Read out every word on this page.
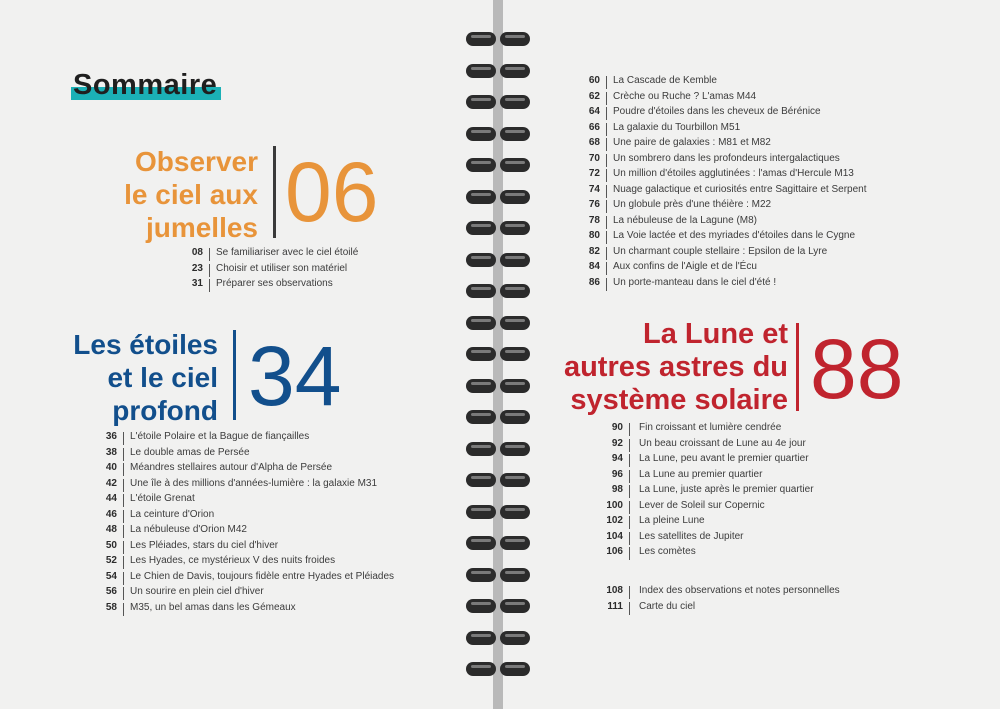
Sommaire
Observer
le ciel aux
jumelles 06
08 Se familiariser avec le ciel étoilé
23 Choisir et utiliser son matériel
31 Préparer ses observations
Les étoiles
et le ciel
profond 34
36 L'étoile Polaire et la Bague de fiançailles
38 Le double amas de Persée
40 Méandres stellaires autour d'Alpha de Persée
42 Une île à des millions d'années-lumière : la galaxie M31
44 L'étoile Grenat
46 La ceinture d'Orion
48 La nébuleuse d'Orion M42
50 Les Pléiades, stars du ciel d'hiver
52 Les Hyades, ce mystérieux V des nuits froides
54 Le Chien de Davis, toujours fidèle entre Hyades et Pléiades
56 Un sourire en plein ciel d'hiver
58 M35, un bel amas dans les Gémeaux
60 La Cascade de Kemble
62 Crèche ou Ruche ? L'amas M44
64 Poudre d'étoiles dans les cheveux de Bérénice
66 La galaxie du Tourbillon M51
68 Une paire de galaxies : M81 et M82
70 Un sombrero dans les profondeurs intergalactiques
72 Un million d'étoiles agglutinées : l'amas d'Hercule M13
74 Nuage galactique et curiosités entre Sagittaire et Serpent
76 Un globule près d'une théière : M22
78 La nébuleuse de la Lagune (M8)
80 La Voie lactée et des myriades d'étoiles dans le Cygne
82 Un charmant couple stellaire : Epsilon de la Lyre
84 Aux confins de l'Aigle et de l'Écu
86 Un porte-manteau dans le ciel d'été !
La Lune et
autres astres du
système solaire 88
90 Fin croissant et lumière cendrée
92 Un beau croissant de Lune au 4e jour
94 La Lune, peu avant le premier quartier
96 La Lune au premier quartier
98 La Lune, juste après le premier quartier
100 Lever de Soleil sur Copernic
102 La pleine Lune
104 Les satellites de Jupiter
106 Les comètes
108 Index des observations et notes personnelles
111 Carte du ciel
